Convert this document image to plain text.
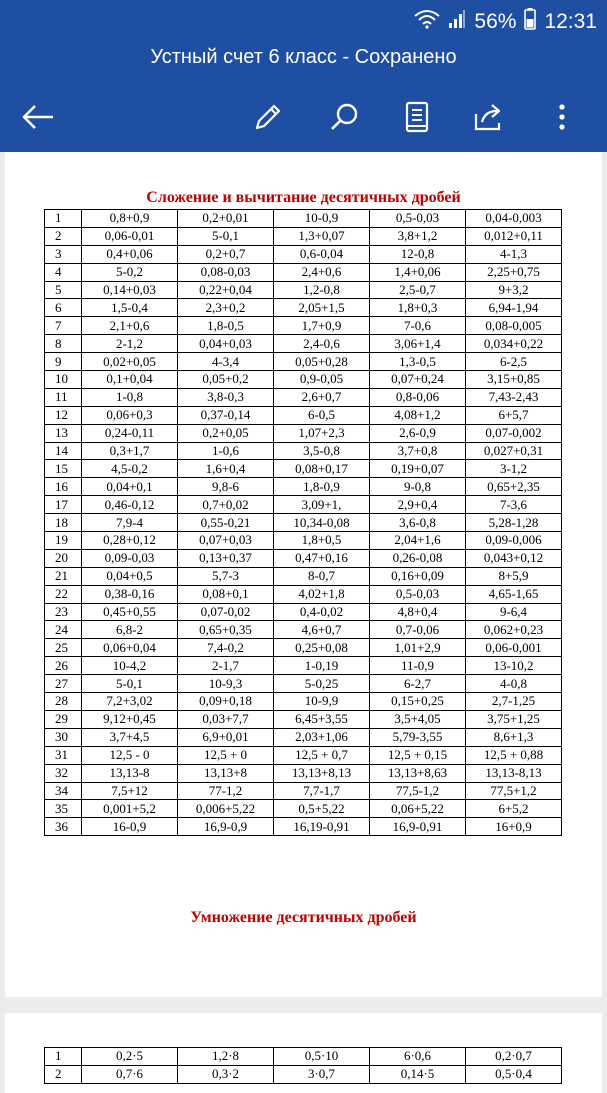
56% 12:31
Устный счет 6 класс - Сохранено
Сложение и вычитание десятичных дробей
1	0,8+0,9	0,2+0,01	10-0,9	0,5-0,03	0,04-0,003
2	0,06-0,01	5-0,1	1,3+0,07	3,8+1,2	0,012+0,11
3	0,4+0,06	0,2+0,7	0,6-0,04	12-0,8	4-1,3
4	5-0,2	0,08-0,03	2,4+0,6	1,4+0,06	2,25+0,75
5	0,14+0,03	0,22+0,04	1,2-0,8	2,5-0,7	9+3,2
6	1,5-0,4	2,3+0,2	2,05+1,5	1,8+0,3	6,94-1,94
7	2,1+0,6	1,8-0,5	1,7+0,9	7-0,6	0,08-0,005
8	2-1,2	0,04+0,03	2,4-0,6	3,06+1,4	0,034+0,22
9	0,02+0,05	4-3,4	0,05+0,28	1,3-0,5	6-2,5
10	0,1+0,04	0,05+0,2	0,9-0,05	0,07+0,24	3,15+0,85
11	1-0,8	3,8-0,3	2,6+0,7	0,8-0,06	7,43-2,43
12	0,06+0,3	0,37-0,14	6-0,5	4,08+1,2	6+5,7
13	0,24-0,11	0,2+0,05	1,07+2,3	2,6-0,9	0,07-0,002
14	0,3+1,7	1-0,6	3,5-0,8	3,7+0,8	0,027+0,31
15	4,5-0,2	1,6+0,4	0,08+0,17	0,19+0,07	3-1,2
16	0,04+0,1	9,8-6	1,8-0,9	9-0,8	0,65+2,35
17	0,46-0,12	0,7+0,02	3,09+1,	2,9+0,4	7-3,6
18	7,9-4	0,55-0,21	10,34-0,08	3,6-0,8	5,28-1,28
19	0,28+0,12	0,07+0,03	1,8+0,5	2,04+1,6	0,09-0,006
20	0,09-0,03	0,13+0,37	0,47+0,16	0,26-0,08	0,043+0,12
21	0,04+0,5	5,7-3	8-0,7	0,16+0,09	8+5,9
22	0,38-0,16	0,08+0,1	4,02+1,8	0,5-0,03	4,65-1,65
23	0,45+0,55	0,07-0,02	0,4-0,02	4,8+0,4	9-6,4
24	6,8-2	0,65+0,35	4,6+0,7	0,7-0,06	0,062+0,23
25	0,06+0,04	7,4-0,2	0,25+0,08	1,01+2,9	0,06-0,001
26	10-4,2	2-1,7	1-0,19	11-0,9	13-10,2
27	5-0,1	10-9,3	5-0,25	6-2,7	4-0,8
28	7,2+3,02	0,09+0,18	10-9,9	0,15+0,25	2,7-1,25
29	9,12+0,45	0,03+7,7	6,45+3,55	3,5+4,05	3,75+1,25
30	3,7+4,5	6,9+0,01	2,03+1,06	5,79-3,55	8,6+1,3
31	12,5 - 0	12,5 + 0	12,5 + 0,7	12,5 + 0,15	12,5 + 0,88
32	13,13-8	13,13+8	13,13+8,13	13,13+8,63	13,13-8,13
34	7,5+12	77-1,2	7,7-1,7	77,5-1,2	77,5+1,2
35	0,001+5,2	0,006+5,22	0,5+5,22	0,06+5,22	6+5,2
36	16-0,9	16,9-0,9	16,19-0,91	16,9-0,91	16+0,9
Умножение десятичных дробей
1	0,2·5	1,2·8	0,5·10	6·0,6	0,2·0,7
2	0,7·6	0,3·2	3·0,7	0,14·5	0,5·0,4
